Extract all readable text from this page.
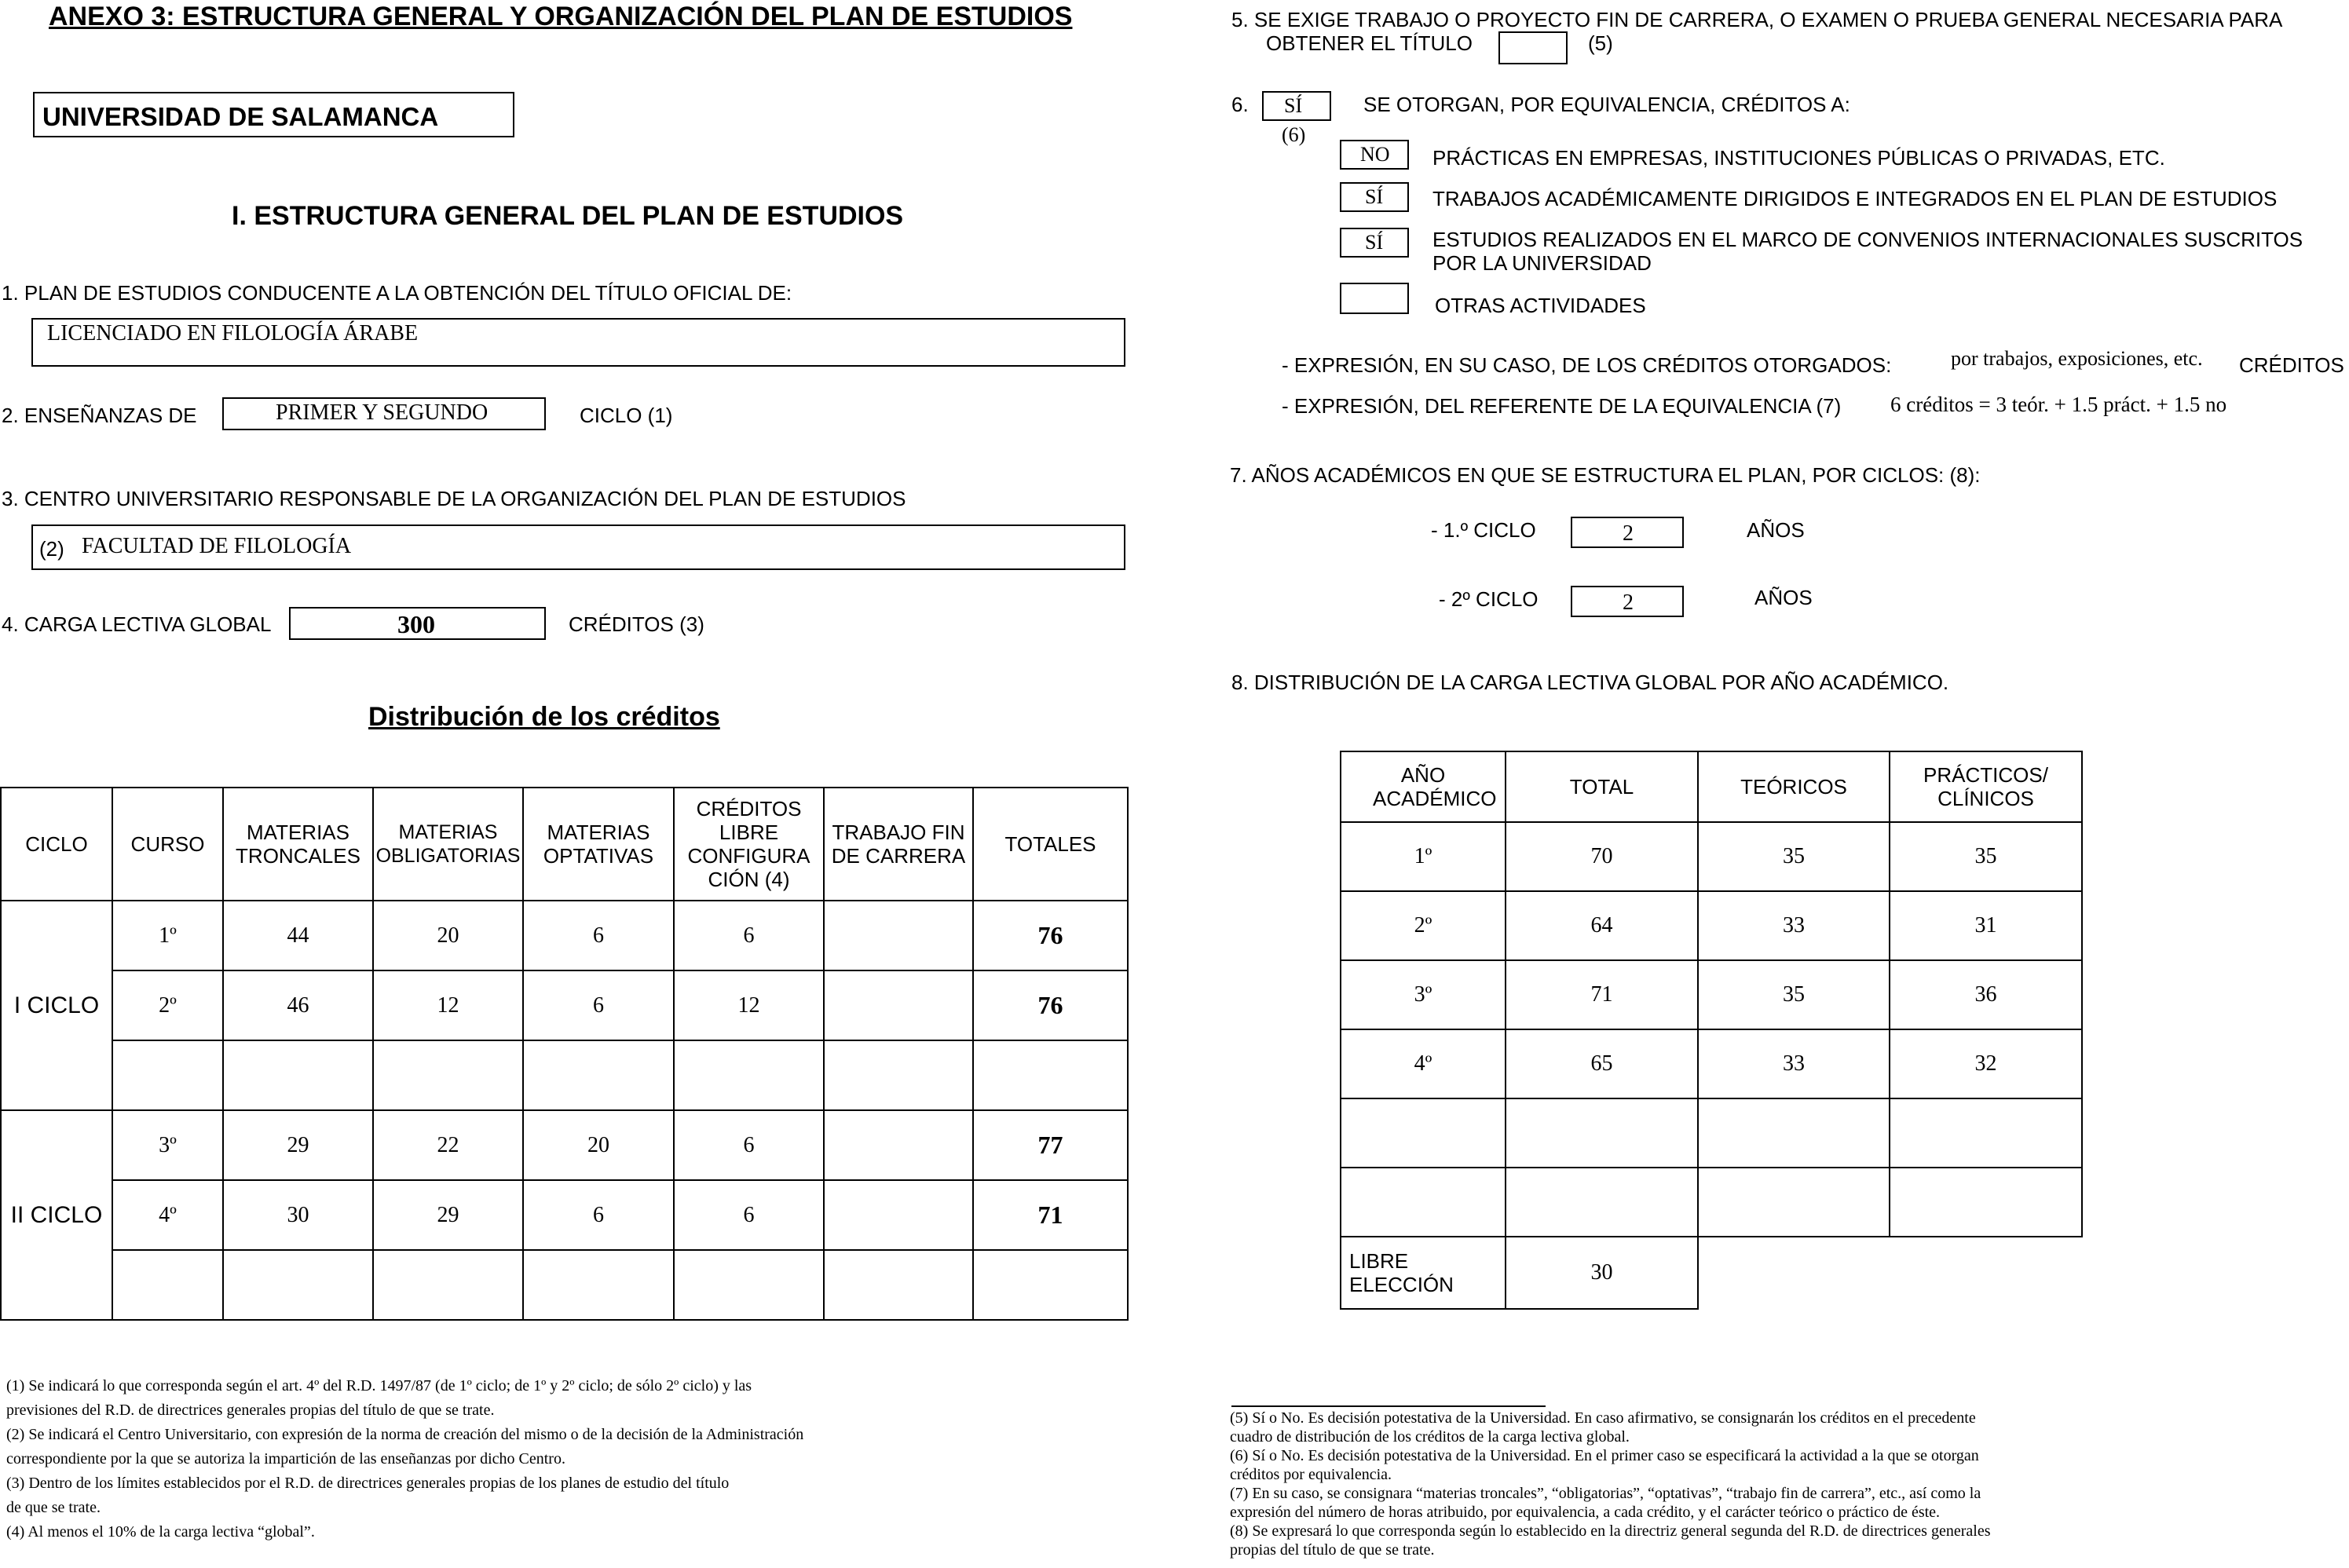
ANEXO 3: ESTRUCTURA GENERAL Y ORGANIZACIÓN DEL PLAN DE ESTUDIOS
UNIVERSIDAD DE SALAMANCA
I. ESTRUCTURA GENERAL DEL PLAN DE ESTUDIOS
1. PLAN DE ESTUDIOS CONDUCENTE A LA OBTENCIÓN DEL TÍTULO OFICIAL DE:
LICENCIADO EN FILOLOGÍA ÁRABE
2. ENSEÑANZAS DE	PRIMER Y SEGUNDO	CICLO (1)
3. CENTRO UNIVERSITARIO RESPONSABLE DE LA ORGANIZACIÓN DEL PLAN DE ESTUDIOS
(2) FACULTAD DE FILOLOGÍA
4. CARGA LECTIVA GLOBAL	300	CRÉDITOS (3)
Distribución de los créditos
CICLO	CURSO	MATERIAS TRONCALES	MATERIAS OBLIGATORIAS	MATERIAS OPTATIVAS	CRÉDITOS LIBRE CONFIGURA CIÓN (4)	TRABAJO FIN DE CARRERA	TOTALES
I CICLO	1º	44	20	6	6		76
	2º	46	12	6	12		76

II CICLO	3º	29	22	20	6		77
	4º	30	29	6	6		71

(1) Se indicará lo que corresponda según el art. 4º del R.D. 1497/87 (de 1º ciclo; de 1º y 2º ciclo; de sólo 2º ciclo) y las
previsiones del R.D. de directrices generales propias del título de que se trate.
(2) Se indicará el Centro Universitario, con expresión de la norma de creación del mismo o de la decisión de la Administración
correspondiente por la que se autoriza la impartición de las enseñanzas por dicho Centro.
(3) Dentro de los límites establecidos por el R.D. de directrices generales propias de los planes de estudio del título
de que se trate.
(4) Al menos el 10% de la carga lectiva “global”.
5. SE EXIGE TRABAJO O PROYECTO FIN DE CARRERA, O EXAMEN O PRUEBA GENERAL NECESARIA PARA
OBTENER EL TÍTULO	(5)
6. SÍ
(6)
SE OTORGAN, POR EQUIVALENCIA, CRÉDITOS A:
NO PRÁCTICAS EN EMPRESAS, INSTITUCIONES PÚBLICAS O PRIVADAS, ETC.
SÍ TRABAJOS ACADÉMICAMENTE DIRIGIDOS E INTEGRADOS EN EL PLAN DE ESTUDIOS
SÍ ESTUDIOS REALIZADOS EN EL MARCO DE CONVENIOS INTERNACIONALES SUSCRITOS
POR LA UNIVERSIDAD
OTRAS ACTIVIDADES
- EXPRESIÓN, EN SU CASO, DE LOS CRÉDITOS OTORGADOS:	por trabajos, exposiciones, etc. CRÉDITOS
- EXPRESIÓN, DEL REFERENTE DE LA EQUIVALENCIA (7) 6 créditos = 3 teór. + 1.5 práct. + 1.5 no
7. AÑOS ACADÉMICOS EN QUE SE ESTRUCTURA EL PLAN, POR CICLOS: (8):
- 1.º CICLO	2	AÑOS
- 2º CICLO	2	AÑOS
8. DISTRIBUCIÓN DE LA CARGA LECTIVA GLOBAL POR AÑO ACADÉMICO.
AÑO ACADÉMICO	TOTAL	TEÓRICOS	PRÁCTICOS/ CLÍNICOS
1º	70	35	35
2º	64	33	31
3º	71	35	36
4º	65	33	32

LIBRE ELECCIÓN	30		
(5) Sí o No. Es decisión potestativa de la Universidad. En caso afirmativo, se consignarán los créditos en el precedente
cuadro de distribución de los créditos de la carga lectiva global.
(6) Sí o No. Es decisión potestativa de la Universidad. En el primer caso se especificará la actividad a la que se otorgan
créditos por equivalencia.
(7) En su caso, se consignara “materias troncales”, “obligatorias”, “optativas”, “trabajo fin de carrera”, etc., así como la
expresión del número de horas atribuido, por equivalencia, a cada crédito, y el carácter teórico o práctico de éste.
(8) Se expresará lo que corresponda según lo establecido en la directriz general segunda del R.D. de directrices generales
propias del título de que se trate.
